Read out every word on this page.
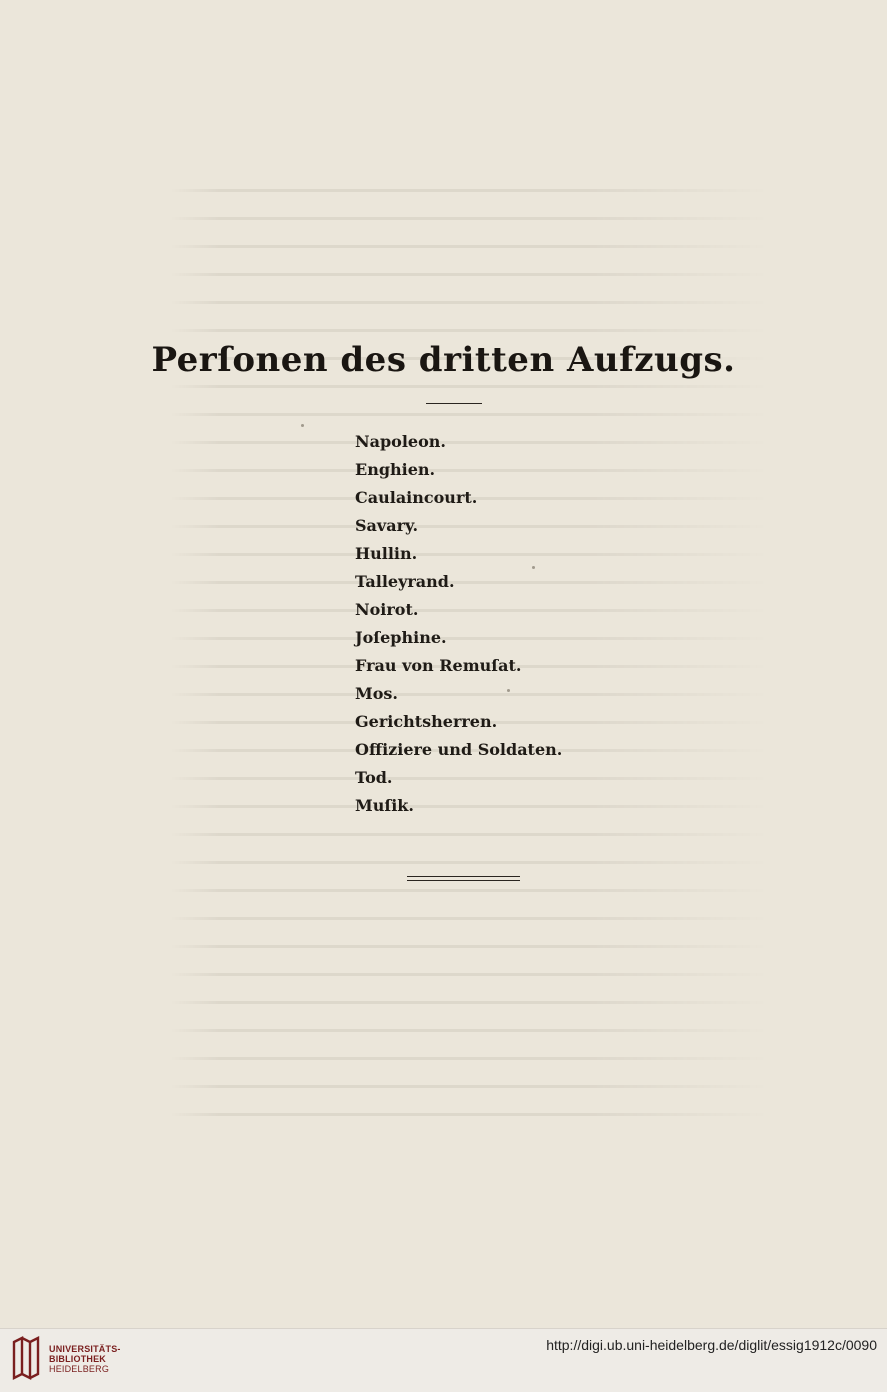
Perſonen des dritten Aufzugs.
Napoleon.
Enghien.
Caulaincourt.
Savary.
Hullin.
Talleyrand.
Noirot.
Joſephine.
Frau von Remuſat.
Mos.
Gerichtsherren.
Offiziere und Soldaten.
Tod.
Muſik.
UNIVERSITÄTS-
BIBLIOTHEK
HEIDELBERG
http://digi.ub.uni-heidelberg.de/diglit/essig1912c/0090
